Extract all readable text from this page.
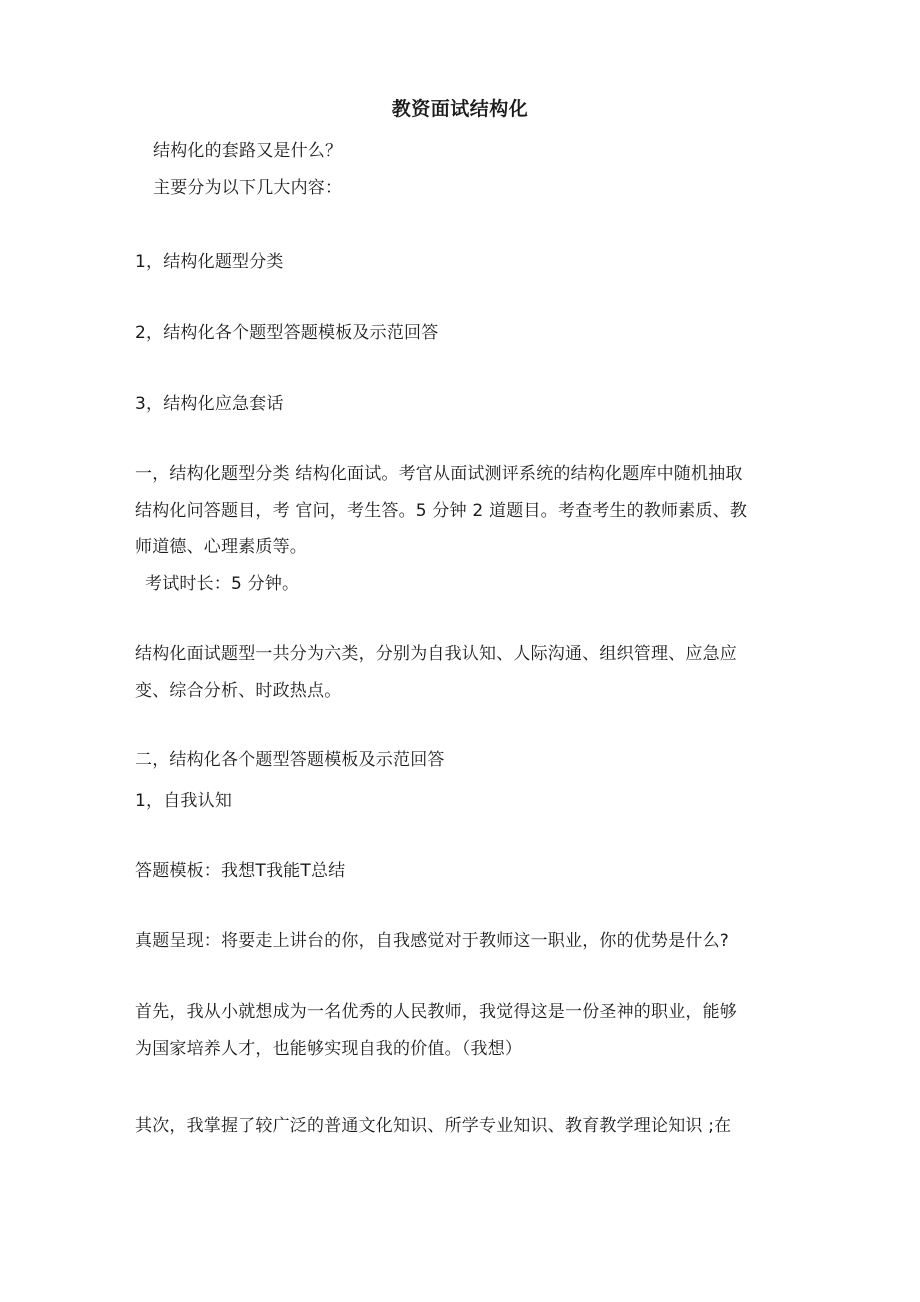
教资面试结构化
结构化的套路又是什么？
主要分为以下几大内容：
1，结构化题型分类
2，结构化各个题型答题模板及示范回答
3，结构化应急套话
一，结构化题型分类 结构化面试。考官从面试测评系统的结构化题库中随机抽取
结构化问答题目，考 官问，考生答。5 分钟 2 道题目。考查考生的教师素质、教
师道德、心理素质等。
考试时长：5 分钟。
结构化面试题型一共分为六类，分别为自我认知、人际沟通、组织管理、应急应
变、综合分析、时政热点。
二，结构化各个题型答题模板及示范回答
1，自我认知
答题模板：我想T我能T总结
真题呈现：将要走上讲台的你，自我感觉对于教师这一职业，你的优势是什么?
首先，我从小就想成为一名优秀的人民教师，我觉得这是一份圣神的职业，能够
为国家培养人才，也能够实现自我的价值。（我想）
其次，我掌握了较广泛的普通文化知识、所学专业知识、教育教学理论知识 ;在
